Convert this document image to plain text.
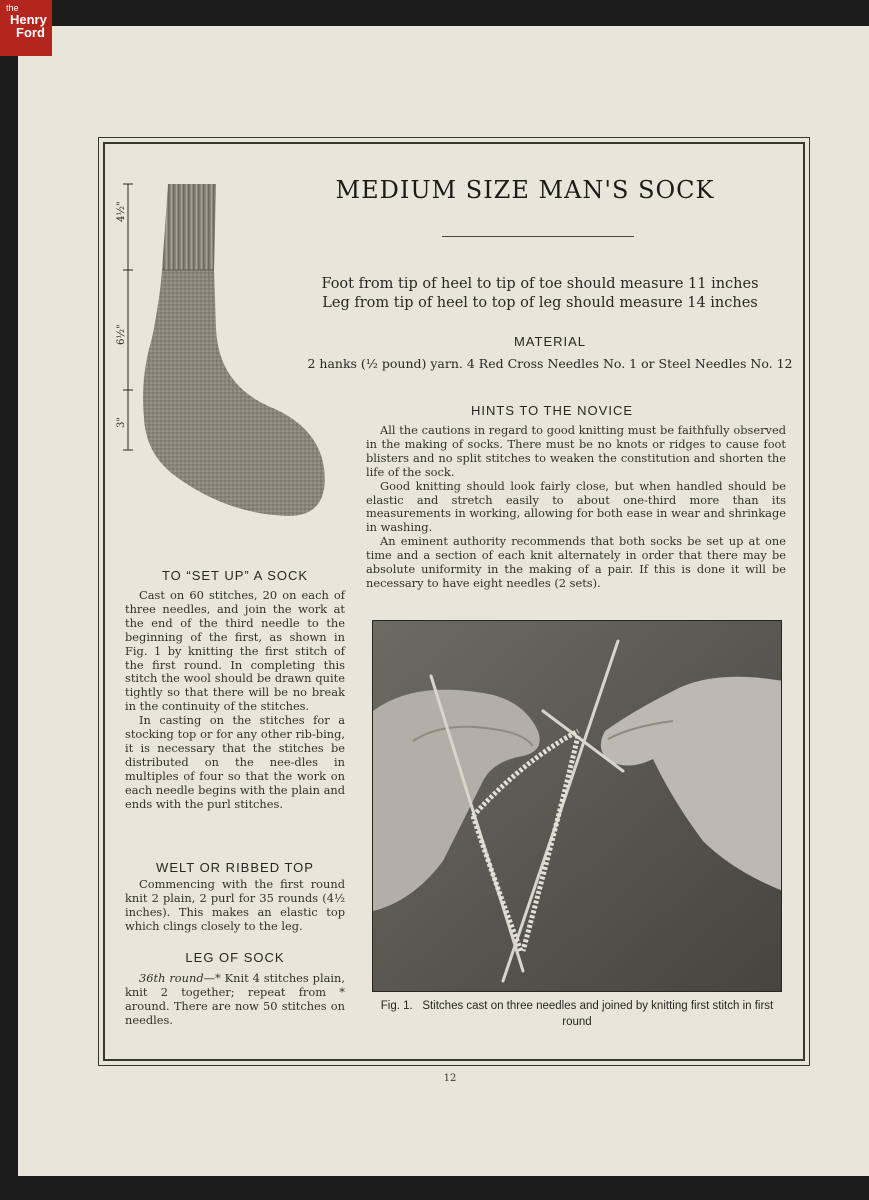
the
Henry
Ford
4½"
6½"
3"
MEDIUM SIZE MAN'S SOCK
Foot from tip of heel to tip of toe should measure 11 inches
Leg from tip of heel to top of leg should measure 14 inches
MATERIAL
2 hanks (½ pound) yarn. 4 Red Cross Needles No. 1 or Steel Needles No. 12
HINTS TO THE NOVICE

All the cautions in regard to good knitting must be faithfully observed in the making of socks. There must be no knots or ridges to cause foot blisters and no split stitches to weaken the constitution and shorten the life of the sock.

Good knitting should look fairly close, but when handled should be elastic and stretch easily to about one-third more than its measurements in working, allowing for both ease in wear and shrinkage in washing.

An eminent authority recommends that both socks be set up at one time and a section of each knit alternately in order that there may be absolute uniformity in the making of a pair. If this is done it will be necessary to have eight needles (2 sets).

TO “SET UP” A SOCK

Cast on 60 stitches, 20 on each of three needles, and join the work at the end of the third needle to the beginning of the first, as shown in Fig. 1 by knitting the first stitch of the first round. In completing this stitch the wool should be drawn quite tightly so that there will be no break in the continuity of the stitches.

In casting on the stitches for a stocking top or for any other rib-bing, it is necessary that the stitches be distributed on the nee-dles in multiples of four so that the work on each needle begins with the plain and ends with the purl stitches.

WELT OR RIBBED TOP

Commencing with the first round knit 2 plain, 2 purl for 35 rounds (4½ inches). This makes an elastic top which clings closely to the leg.

LEG OF SOCK

36th round—* Knit 4 stitches plain, knit 2 together; repeat from * around. There are now 50 stitches on needles.

Fig. 1. Stitches cast on three needles and joined by knitting first stitch in first round
12
